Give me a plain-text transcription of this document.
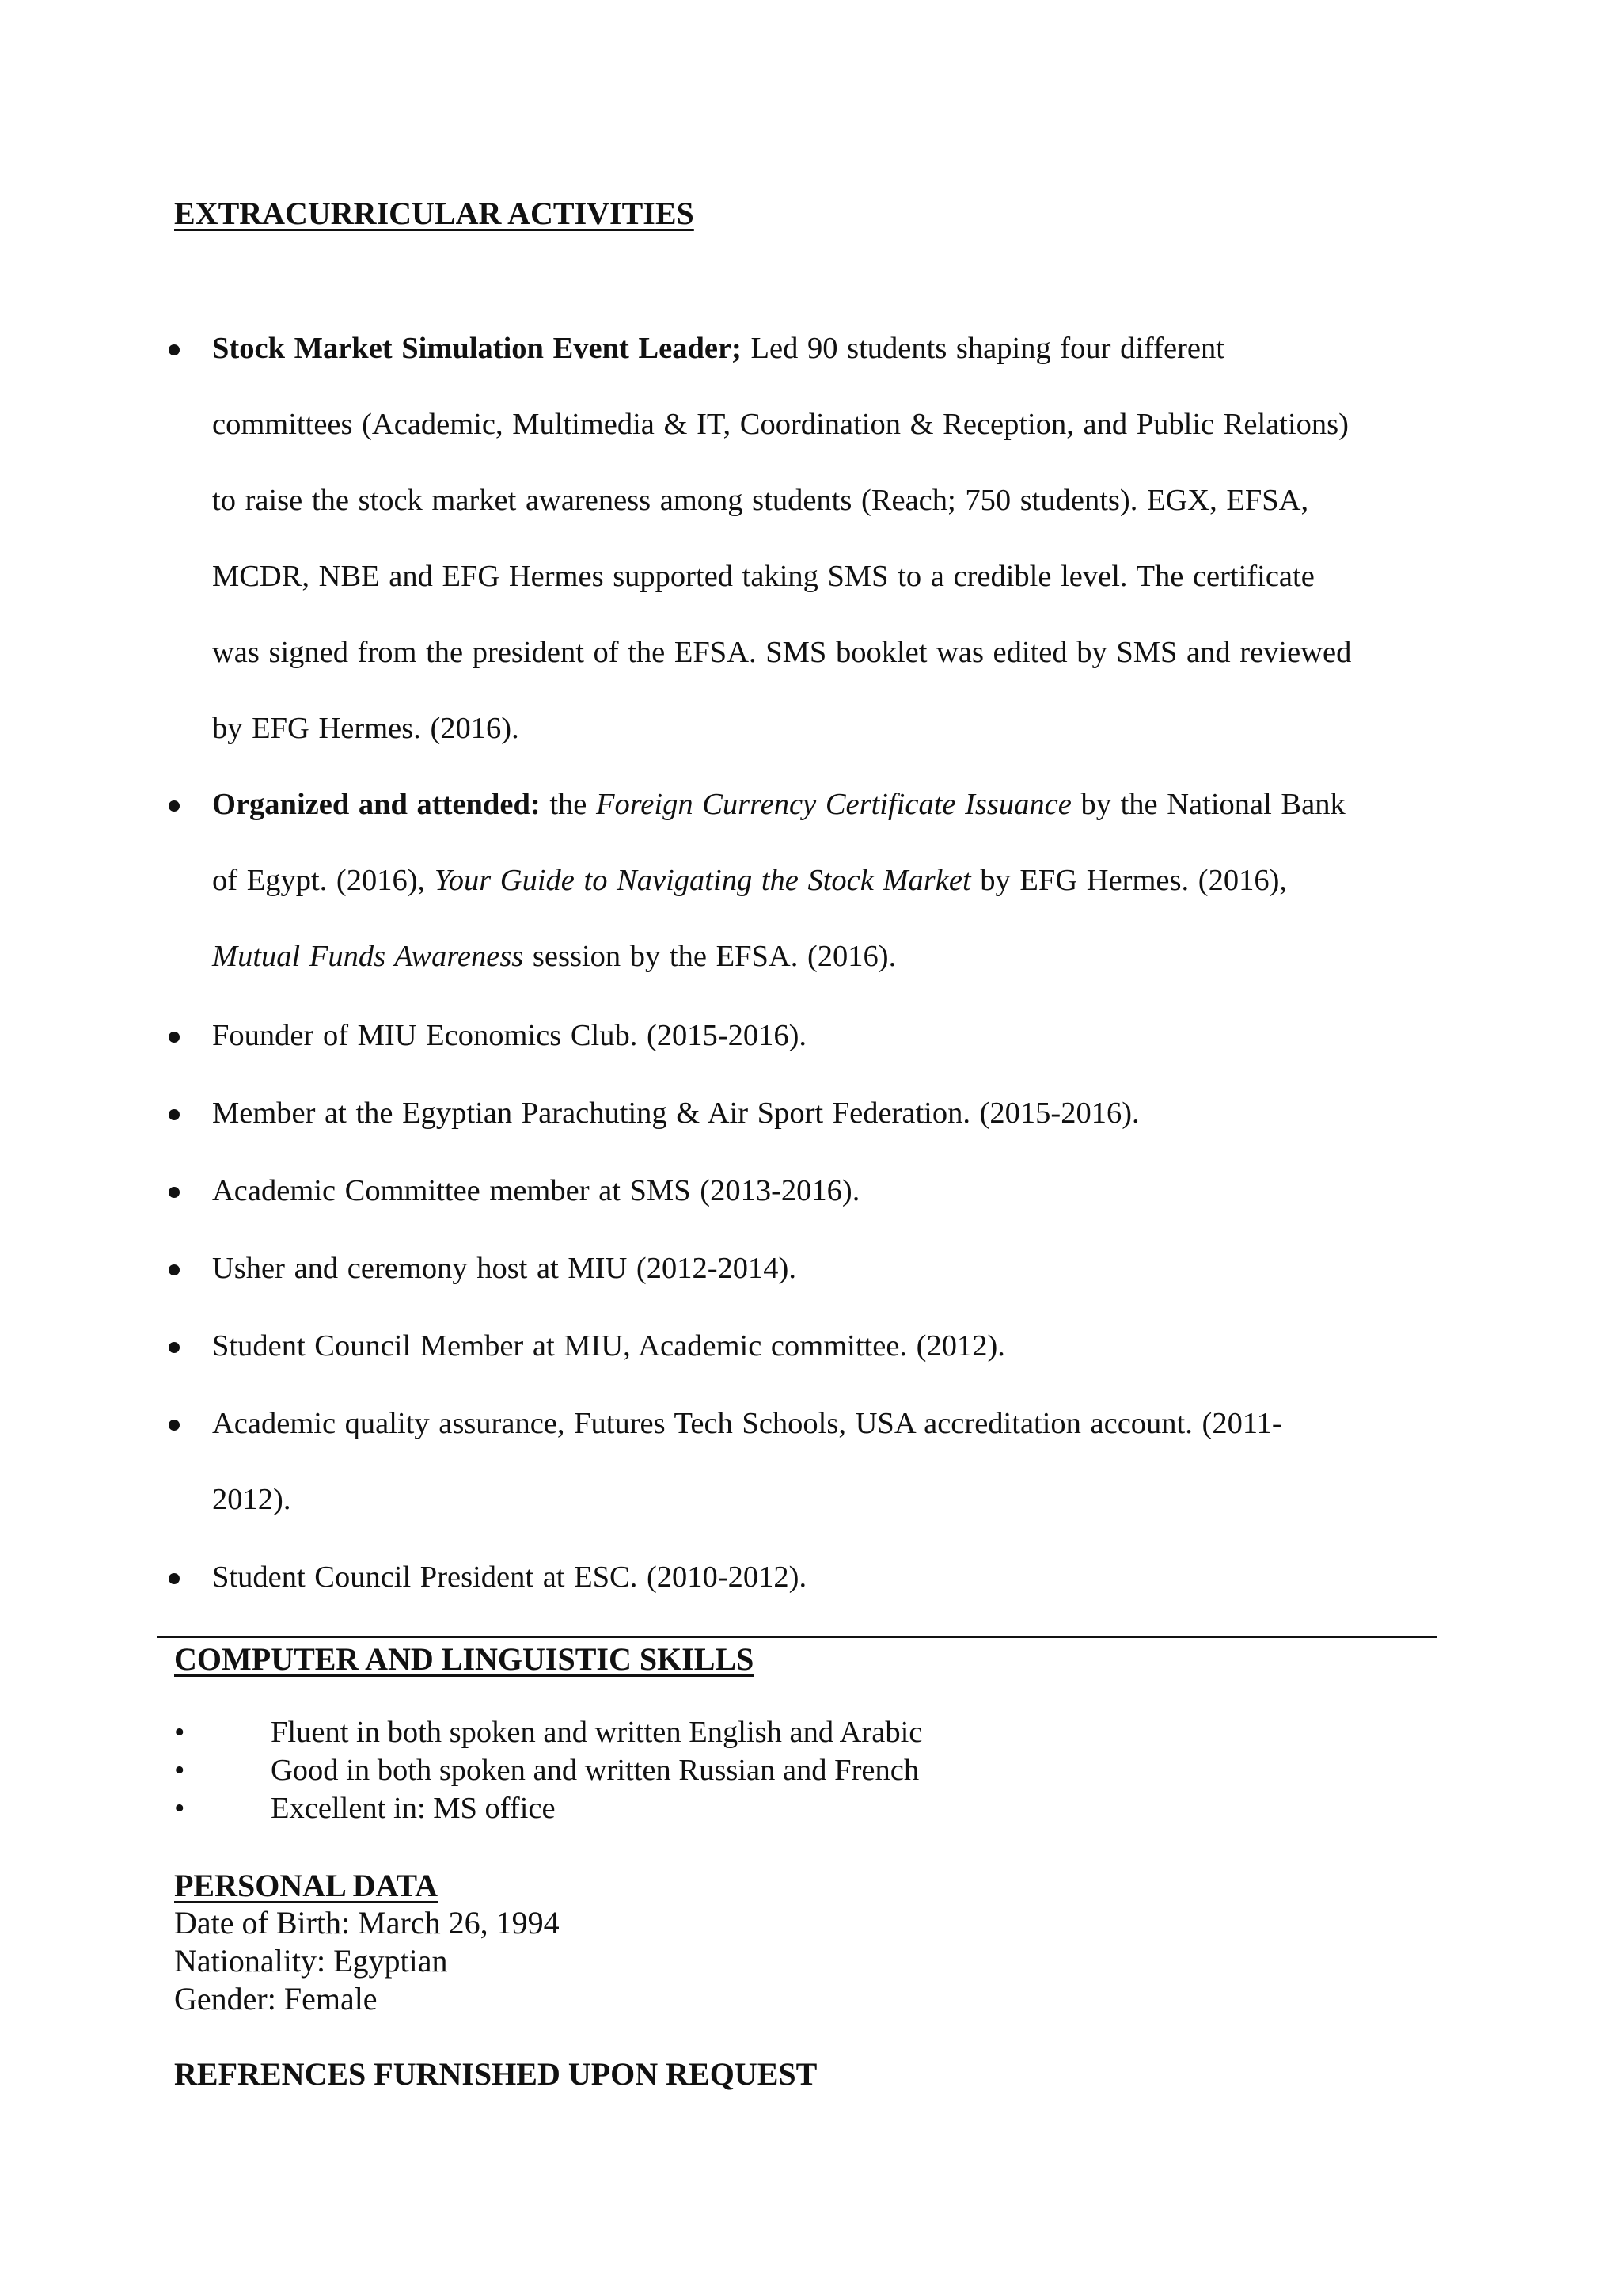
EXTRACURRICULAR ACTIVITIES
Stock Market Simulation Event Leader; Led 90 students shaping four different
committees (Academic, Multimedia & IT, Coordination & Reception, and Public Relations)
to raise the stock market awareness among students (Reach; 750 students). EGX, EFSA,
MCDR, NBE and EFG Hermes supported taking SMS to a credible level. The certificate
was signed from the president of the EFSA. SMS booklet was edited by SMS and reviewed
by EFG Hermes. (2016).
Organized and attended: the Foreign Currency Certificate Issuance by the National Bank
of Egypt. (2016), Your Guide to Navigating the Stock Market by EFG Hermes. (2016),
Mutual Funds Awareness session by the EFSA. (2016).
Founder of MIU Economics Club. (2015-2016).
Member at the Egyptian Parachuting & Air Sport Federation. (2015-2016).
Academic Committee member at SMS (2013-2016).
Usher and ceremony host at MIU (2012-2014).
Student Council Member at MIU, Academic committee. (2012).
Academic quality assurance, Futures Tech Schools, USA accreditation account. (2011-
2012).
Student Council President at ESC. (2010-2012).
COMPUTER AND LINGUISTIC SKILLS
•	Fluent in both spoken and written English and Arabic
•	Good in both spoken and written Russian and French
•	Excellent in: MS office
PERSONAL DATA

Date of Birth: March 26, 1994

Nationality: Egyptian

Gender: Female

REFRENCES FURNISHED UPON REQUEST
